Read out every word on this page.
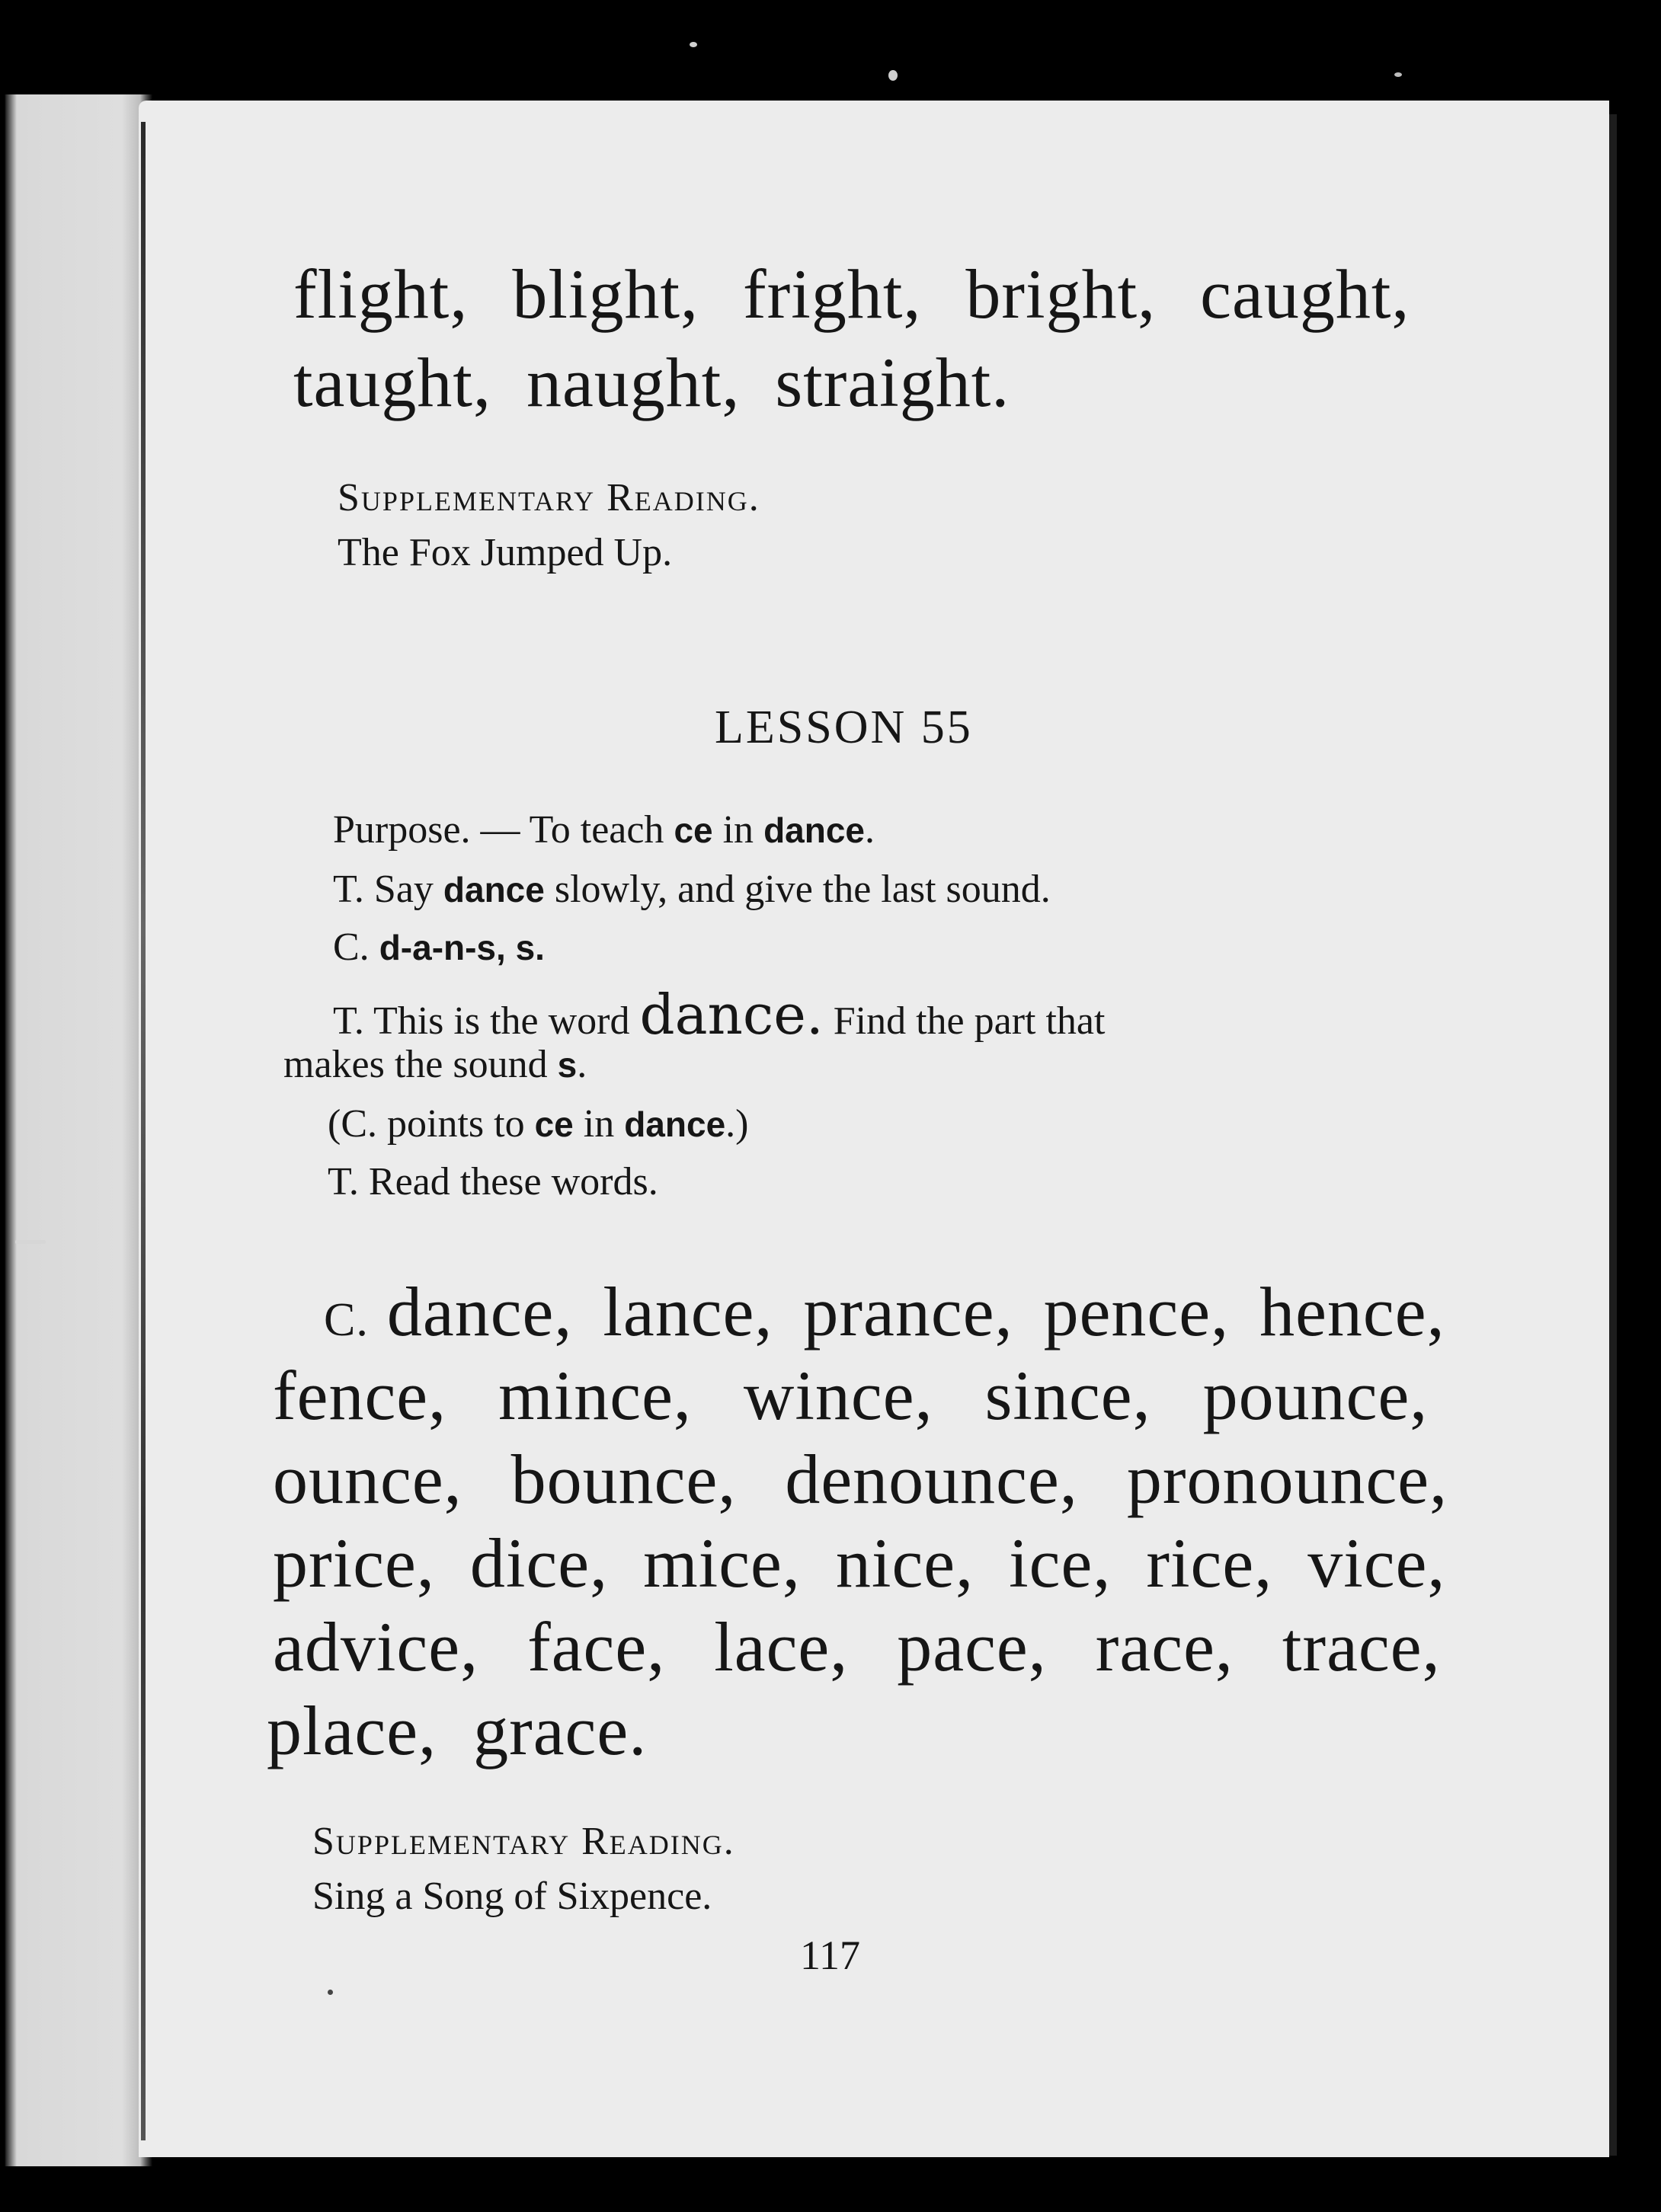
flight, blight, fright, bright, caught,
taught, naught, straight.
Supplementary Reading.
The Fox Jumped Up.
LESSON 55
Purpose. — To teach ce in dance.
T. Say dance slowly, and give the last sound.
C. d-a-n-s, s.
T. This is the word dance. Find the part that
makes the sound s.
(C. points to ce in dance.)
T. Read these words.
C. dance, lance, prance, pence, hence,
fence, mince, wince, since, pounce,
ounce, bounce, denounce, pronounce,
price, dice, mice, nice, ice, rice, vice,
advice, face, lace, pace, race, trace,
place, grace.
Supplementary Reading.
Sing a Song of Sixpence.
117
